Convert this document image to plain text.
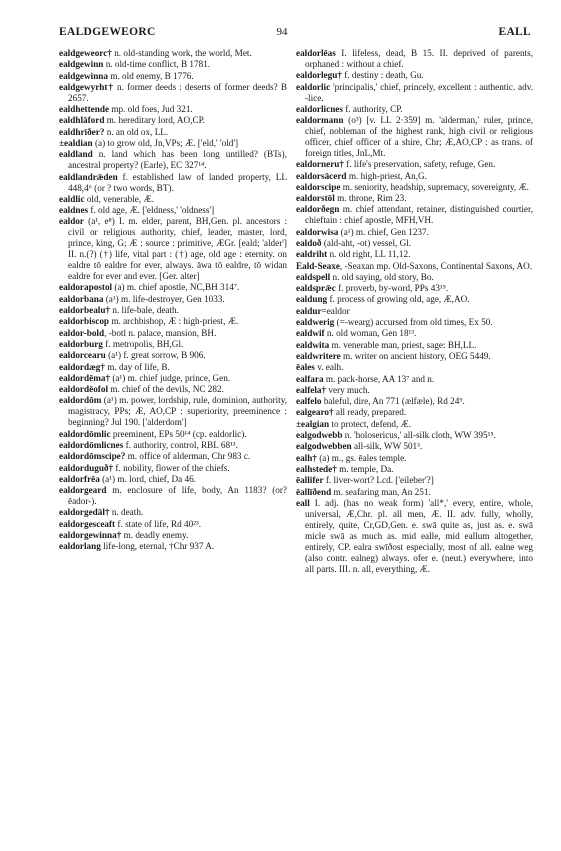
EALDGEWEORC	94	EALL

ealdgeweorc† n. old-standing work, the world, Met.

ealdgewinn n. old-time conflict, B 1781.

ealdgewinna m. old enemy, B 1776.

ealdgewyrht† n. former deeds : deserts of former deeds? B 2657.

ealdhettende mp. old foes, Jud 321.

ealdhlāford m. hereditary lord, AO,CP.

ealdhrīðer? n. an old ox, LL.

±ealdian (a) to grow old, Jn,VPs; Æ. ['eld,' 'old']

ealdland n. land which has been long untilled? (BTs), ancestral property? (Earle), EC 327¹⁴.

ealdlandrǣden f. established law of landed property, LL 448,4⁶ (or ? two words, BT).

ealdlic old, venerable, Æ.

ealdnes f. old age, Æ. ['eldness,' 'oldness']

ealdor (a¹, e⁸) I. m. elder, parent, BH,Gen. pl. ancestors : civil or religious authority, chief, leader, master, lord, prince, king, G; Æ : source : primitive, ÆGr. [eald; 'alder'] II. n.(?) (†) life, vital part : (†) age, old age : eternity. on ealdre tō ealdre for ever, always. āwa tō ealdre, tō widan ealdre for ever and ever. [Ger. alter]

ealdorapostol (a) m. chief apostle, NC,BH 314⁷.

ealdorbana (a¹) m. life-destroyer, Gen 1033.

ealdorbealu† n. life-bale, death.

ealdorbiscop m. archbishop, Æ : high-priest, Æ.

ealdor-bold, -botl n. palace, mansion, BH.

ealdorburg f. metropolis, BH,Gl.

ealdorcearu (a¹) f. great sorrow, B 906.

ealdordæg† m. day of life, B.

ealdordēma† (a¹) m. chief judge, prince, Gen.

ealdordēofol m. chief of the devils, NC 282.

ealdordōm (a¹) m. power, lordship, rule, dominion, authority, magistracy, PPs; Æ, AO,CP : superiority, preeminence : beginning? Jul 190. ['alderdom']

ealdordōmlic preeminent, EPs 50¹⁴ (cp. ealdorlic).

ealdordōmlicnes f. authority, control, RBL 68¹³.

ealdordōmscipe? m. office of alderman, Chr 983 c.

ealdorduguð† f. nobility, flower of the chiefs.

ealdorfrēa (a¹) m. lord, chief, Da 46.

ealdorgeard m. enclosure of life, body, An 1183? (or? ēador-).

ealdorgedāl† n. death.

ealdorgesceaft f. state of life, Rd 40²³.

ealdorgewinna† m. deadly enemy.

ealdorlang life-long, eternal, †Chr 937 A.

ealdorlēas I. lifeless, dead, B 15. II. deprived of parents, orphaned : without a chief.

ealdorlegu† f. destiny : death, Gu.

ealdorlic 'principalis,' chief, princely, excellent : authentic. adv. -lice.

ealdorlicnes f. authority, CP.

ealdormann (o³) [v. LL 2·359] m. 'alderman,' ruler, prince, chief, nobleman of the highest rank, high civil or religious officer, chief officer of a shire, Chr; Æ,AO,CP : as trans. of foreign titles, JnL,Mt.

ealdorneru† f. life's preservation, safety, refuge, Gen.

ealdorsācerd m. high-priest, An,G.

ealdorscipe m. seniority, headship, supremacy, sovereignty, Æ.

ealdorstōl m. throne, Rim 23.

ealdorðegn m. chief attendant, retainer, distinguished courtier, chieftain : chief apostle, MFH,VH.

ealdorwisa (a¹) m. chief, Gen 1237.

ealdoð (ald-aht, -ot) vessel, Gl.

ealdriht n. old right, LL 11,12.

Eald-Seaxe, -Seaxan mp. Old-Saxons, Continental Saxons, AO.

ealdspell n. old saying, old story, Bo.

ealdsprǣc f. proverb, by-word, PPs 43¹⁵.

ealdung f. process of growing old, age, Æ,AO.

ealdur=ealdor

ealdwerig (=-wearg) accursed from old times, Ex 50.

ealdwif n. old woman, Gen 18¹³.

ealdwita m. venerable man, priest, sage: BH,LL.

ealdwritere m. writer on ancient history, OEG 5449.

ēales v. ealh.

ealfara m. pack-horse, AA 13⁷ and n.

ealfela† very much.

ealfelo baleful, dire, An 771 (ælfæle), Rd 24⁹.

ealgearo† all ready, prepared.

±ealgian to protect, defend, Æ.

ealgodwebb n. 'holosericus,' all-silk cloth, WW 395¹⁵.

ealgodwebben all-silk, WW 501³.

ealh† (a) m., gs. ēales temple.

ealhstede† m. temple, Da.

ēallifer f. liver-wort? Lcd. ['eileber'?]

ēallīðend m. seafaring man, An 251.

eall I. adj. (has no weak form) 'all*,' every, entire, whole, universal, Æ,Chr. pl. all men, Æ. II. adv. fully, wholly, entirely, quite, Cr,GD,Gen. e. swā quite as, just as. e. swā micle swā as much as. mid ealle, mid eallum altogether, entirely, CP. ealra swīðost especially, most of all. ealne weg (also contr. ealneg) always. ofer e. (neut.) everywhere, into all parts. III. n. all, everything, Æ.
